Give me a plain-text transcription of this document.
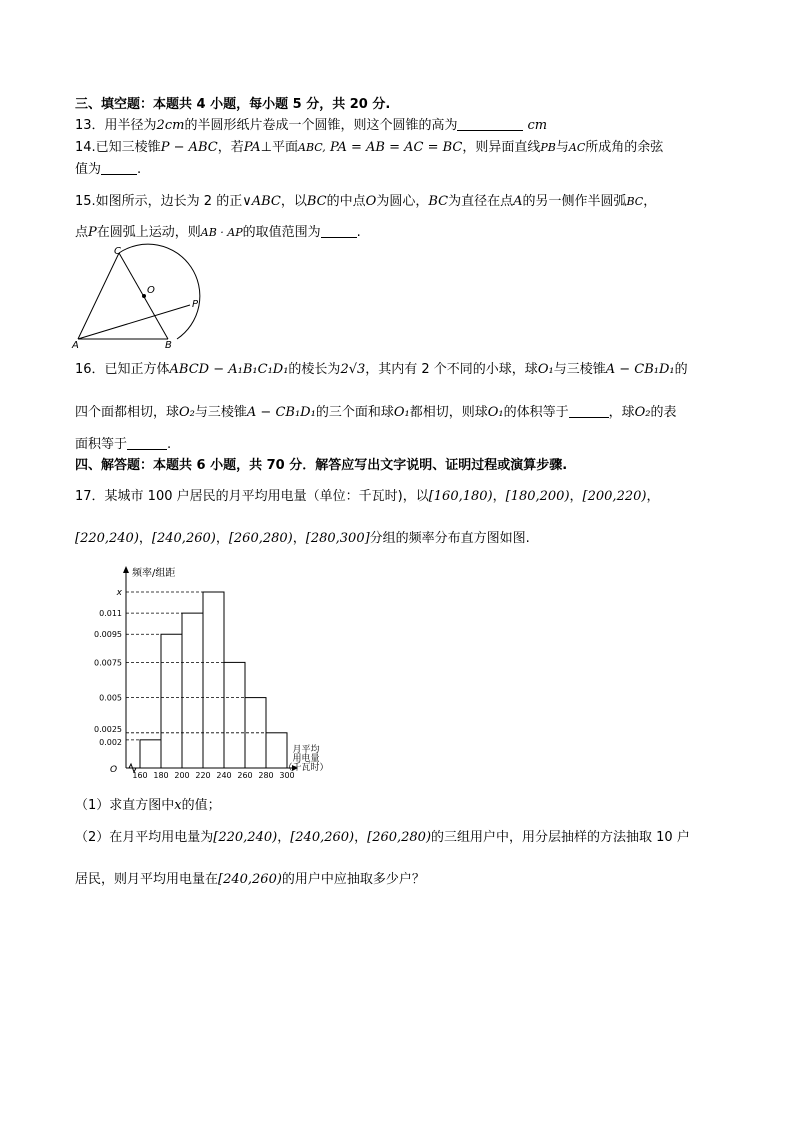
三、填空题：本题共 4 小题，每小题 5 分，共 20 分.
13．用半径为2cm的半圆形纸片卷成一个圆锥，则这个圆锥的高为	cm
14.已知三棱锥P − ABC，若PA⊥平面ABC, PA = AB = AC = BC，则异面直线PB与AC所成角的余弦
值为	.
15.如图所示，边长为 2 的正∨ABC，以BC的中点O为圆心，BC为直径在点A的另一侧作半圆弧BC，
点P在圆弧上运动，则AB · AP的取值范围为	.
C
O
P
A	B
16．已知正方体ABCD − A₁B₁C₁D₁的棱长为2√3，其内有 2 个不同的小球，球O₁与三棱锥A − CB₁D₁的
四个面都相切，球O₂与三棱锥A − CB₁D₁的三个面和球O₁都相切，则球O₁的体积等于	，球O₂的表
面积等于	.
四、解答题：本题共 6 小题，共 70 分．解答应写出文字说明、证明过程或演算步骤.
17．某城市 100 户居民的月平均用电量（单位：千瓦时)，以[160,180)，[180,200)，[200,220)，
[220,240)，[240,260)，[260,280)，[280,300]分组的频率分布直方图如图.
频率/组距
O
0.002
0.0025
0.005
0.0075
0.0095
0.011
x
160 180 200 220 240 260 280 300
月平均
用电量
（千瓦时）
（1）求直方图中x的值；
（2）在月平均用电量为[220,240)，[240,260)，[260,280)的三组用户中，用分层抽样的方法抽取 10 户
居民，则月平均用电量在[240,260)的用户中应抽取多少户？
